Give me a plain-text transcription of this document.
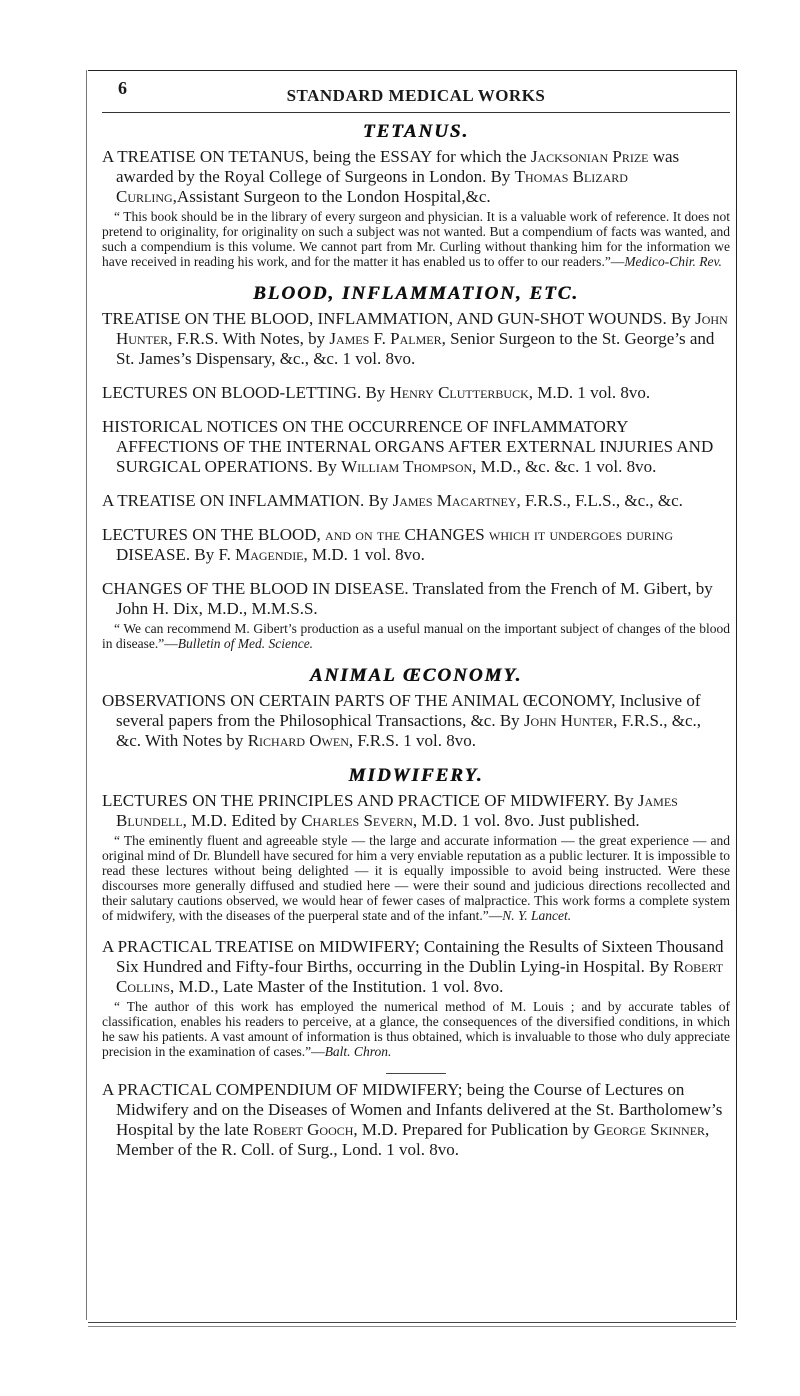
6	STANDARD MEDICAL WORKS
TETANUS.
A TREATISE ON TETANUS, being the ESSAY for which the Jacksonian Prize was awarded by the Royal College of Surgeons in London. By Thomas Blizard Curling,Assistant Surgeon to the London Hospital,&c.
“ This book should be in the library of every surgeon and physician. It is a valuable work of reference. It does not pretend to originality, for originality on such a subject was not wanted. But a compendium of facts was wanted, and such a compendium is this volume. We cannot part from Mr. Curling without thanking him for the information we have received in reading his work, and for the matter it has enabled us to offer to our readers.”—Medico-Chir. Rev.
BLOOD, INFLAMMATION, ETC.
TREATISE ON THE BLOOD, INFLAMMATION, AND GUN-SHOT WOUNDS. By John Hunter, F.R.S. With Notes, by James F. Palmer, Senior Surgeon to the St. George’s and St. James’s Dispensary, &c., &c. 1 vol. 8vo.
LECTURES ON BLOOD-LETTING. By Henry Clutterbuck, M.D. 1 vol. 8vo.
HISTORICAL NOTICES ON THE OCCURRENCE OF INFLAMMATORY AFFECTIONS OF THE INTERNAL ORGANS AFTER EXTERNAL INJURIES AND SURGICAL OPERATIONS. By William Thompson, M.D., &c. &c. 1 vol. 8vo.
A TREATISE ON INFLAMMATION. By James Macartney, F.R.S., F.L.S., &c., &c.
LECTURES ON THE BLOOD, and on the CHANGES which it undergoes during DISEASE. By F. Magendie, M.D. 1 vol. 8vo.
CHANGES OF THE BLOOD IN DISEASE. Translated from the French of M. Gibert, by John H. Dix, M.D., M.M.S.S.
“ We can recommend M. Gibert’s production as a useful manual on the important subject of changes of the blood in disease.”—Bulletin of Med. Science.
ANIMAL ŒCONOMY.
OBSERVATIONS ON CERTAIN PARTS OF THE ANIMAL ŒCONOMY, Inclusive of several papers from the Philosophical Transactions, &c. By John Hunter, F.R.S., &c., &c. With Notes by Richard Owen, F.R.S. 1 vol. 8vo.
MIDWIFERY.
LECTURES ON THE PRINCIPLES AND PRACTICE OF MIDWIFERY. By James Blundell, M.D. Edited by Charles Severn, M.D. 1 vol. 8vo. Just published.
“ The eminently fluent and agreeable style — the large and accurate information — the great experience — and original mind of Dr. Blundell have secured for him a very enviable reputation as a public lecturer. It is impossible to read these lectures without being delighted — it is equally impossible to avoid being instructed. Were these discourses more generally diffused and studied here — were their sound and judicious directions recollected and their salutary cautions observed, we would hear of fewer cases of malpractice. This work forms a complete system of midwifery, with the diseases of the puerperal state and of the infant.”—N. Y. Lancet.
A PRACTICAL TREATISE on MIDWIFERY; Containing the Results of Sixteen Thousand Six Hundred and Fifty-four Births, occurring in the Dublin Lying-in Hospital. By Robert Collins, M.D., Late Master of the Institution. 1 vol. 8vo.
“ The author of this work has employed the numerical method of M. Louis ; and by accurate tables of classification, enables his readers to perceive, at a glance, the consequences of the diversified conditions, in which he saw his patients. A vast amount of information is thus obtained, which is invaluable to those who duly appreciate precision in the examination of cases.”—Balt. Chron.
A PRACTICAL COMPENDIUM OF MIDWIFERY; being the Course of Lectures on Midwifery and on the Diseases of Women and Infants delivered at the St. Bartholomew’s Hospital by the late Robert Gooch, M.D. Prepared for Publication by George Skinner, Member of the R. Coll. of Surg., Lond. 1 vol. 8vo.
